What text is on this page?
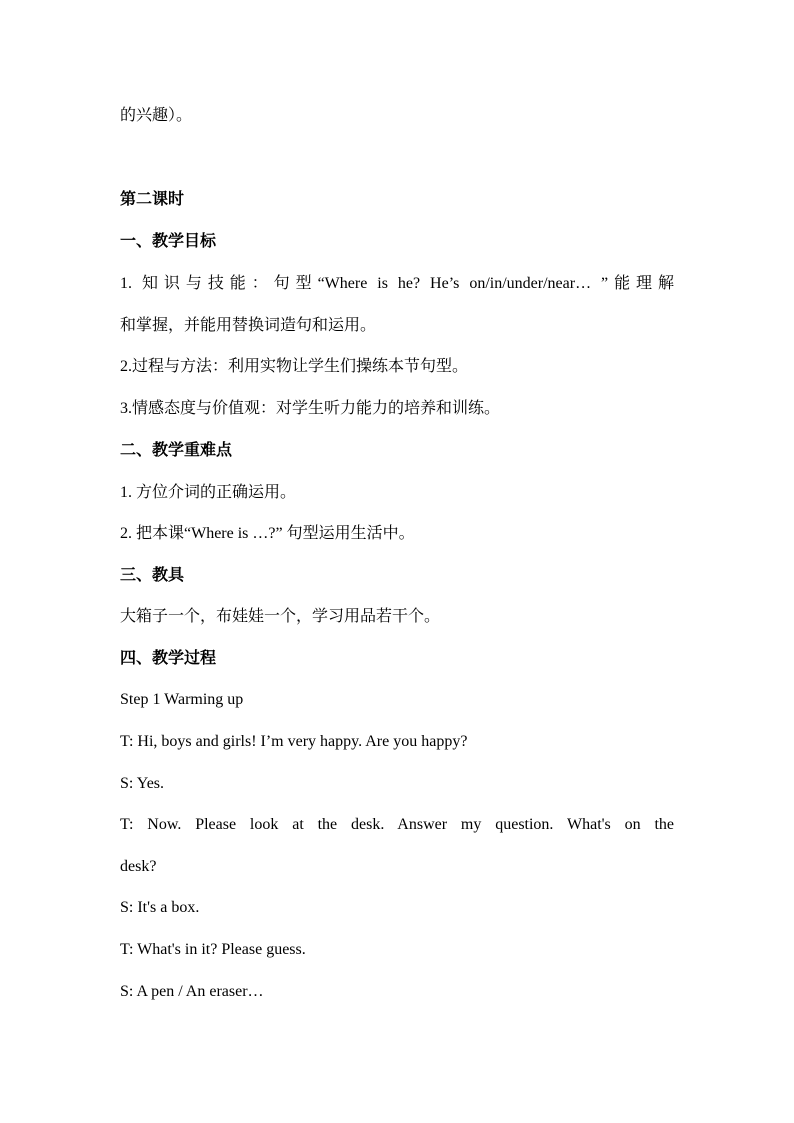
的兴趣）。
第二课时
一、教学目标
1. 知识与技能：句型“Where is he? He’s on/in/under/near… ”能理解
和掌握，并能用替换词造句和运用。
2.过程与方法：利用实物让学生们操练本节句型。
3.情感态度与价值观：对学生听力能力的培养和训练。
二、教学重难点
1. 方位介词的正确运用。
2. 把本课“Where is …?” 句型运用生活中。
三、教具
大箱子一个，布娃娃一个，学习用品若干个。
四、教学过程
Step 1 Warming up
T: Hi, boys and girls! I’m very happy. Are you happy?
S: Yes.
T: Now. Please look at the desk. Answer my question. What's on the
desk?
S: It's a box.
T: What's in it? Please guess.
S: A pen / An eraser…
